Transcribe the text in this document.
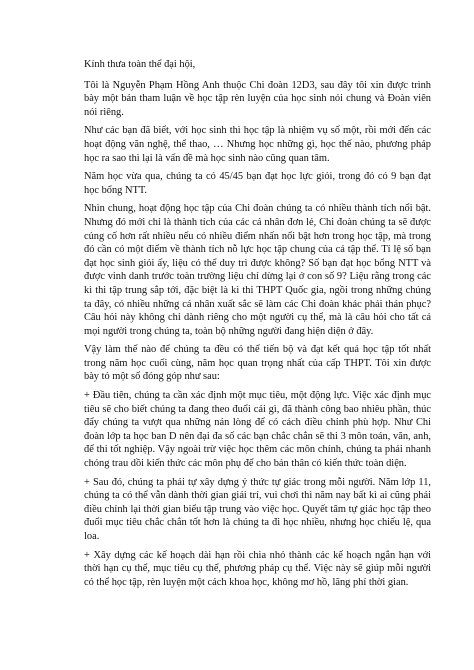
Kính thưa toàn thể đại hội,

Tôi là Nguyễn Phạm Hồng Anh thuộc Chi đoàn 12D3, sau đây tôi xin được trình bày một bản tham luận về học tập rèn luyện của học sinh nói chung và Đoàn viên nói riêng.

Như các bạn đã biết, với học sinh thì học tập là nhiệm vụ số một, rồi mới đến các hoạt động văn nghệ, thể thao, … Nhưng học những gì, học thế nào, phương pháp học ra sao thì lại là vấn đề mà học sinh nào cũng quan tâm.

Năm học vừa qua, chúng ta có 45/45 bạn đạt học lực giỏi, trong đó có 9 bạn đạt học bổng NTT.

Nhìn chung, hoạt động học tập của Chi đoàn chúng ta có nhiều thành tích nổi bật. Nhưng đó mới chỉ là thành tích của các cá nhân đơn lẻ, Chi đoàn chúng ta sẽ được củng cố hơn rất nhiều nếu có nhiều điểm nhấn nổi bật hơn trong học tập, mà trong đó cần có một điểm về thành tích nỗ lực học tập chung của cả tập thể. Tỉ lệ số bạn đạt học sinh giỏi ấy, liệu có thể duy trì được không? Số bạn đạt học bổng NTT và được vinh danh trước toàn trường liệu chỉ dừng lại ở con số 9? Liệu rằng trong các kì thi tập trung sắp tới, đặc biệt là kì thi THPT Quốc gia, ngồi trong những chúng ta đây, có nhiều những cá nhân xuất sắc sẽ làm các Chi đoàn khác phải thán phục? Câu hỏi này không chỉ dành riêng cho một người cụ thể, mà là câu hỏi cho tất cả mọi người trong chúng ta, toàn bộ những người đang hiện diện ở đây.

Vậy làm thế nào để chúng ta đều có thể tiến bộ và đạt kết quả học tập tốt nhất trong năm học cuối cùng, năm học quan trọng nhất của cấp THPT. Tôi xin được bày tỏ một số đóng góp như sau:

+ Đầu tiên, chúng ta cần xác định một mục tiêu, một động lực. Việc xác định mục tiêu sẽ cho biết chúng ta đang theo đuổi cái gì, đã thành công bao nhiêu phần, thúc đẩy chúng ta vượt qua những nản lòng để có cách điều chỉnh phù hợp. Như Chi đoàn lớp ta học ban D nên đại đa số các bạn chắc chắn sẽ thi 3 môn toán, văn, anh, để thi tốt nghiệp. Vậy ngoài trừ việc học thêm các môn chính, chúng ta phải nhanh chóng trau dồi kiến thức các môn phụ để cho bản thân có kiến thức toàn diện.

+ Sau đó, chúng ta phải tự xây dựng ý thức tự giác trong mỗi người. Năm lớp 11, chúng ta có thể vẫn dành thời gian giải trí, vui chơi thì năm nay bất kì ai cũng phải điều chỉnh lại thời gian biểu tập trung vào việc học. Quyết tâm tự giác học tập theo đuổi mục tiêu chắc chắn tốt hơn là chúng ta đi học nhiều, nhưng học chiếu lệ, qua loa.

+ Xây dựng các kế hoạch dài hạn rồi chia nhỏ thành các kế hoạch ngắn hạn với thời hạn cụ thể, mục tiêu cụ thể, phương pháp cụ thể. Việc này sẽ giúp mỗi người có thể học tập, rèn luyện một cách khoa học, không mơ hồ, lãng phí thời gian.
